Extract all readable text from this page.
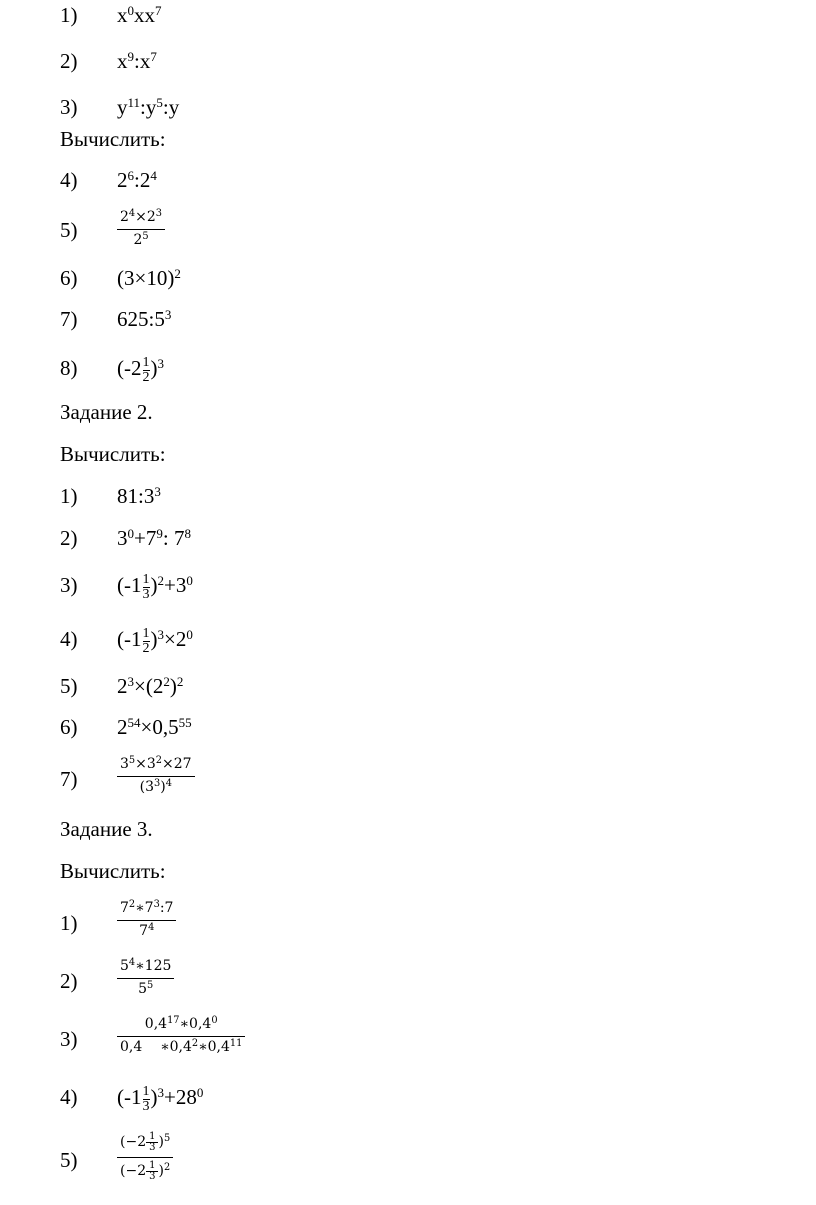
1) $x^0xx^7$
2) $x^9:x^7$
3) $y^{11}:y^5:y$
Вычислить:
4) $2^6:2^4$
5)	$\frac{2^4\times 2^3}{2^5}$
6) $(3\times 10)^2$
7) $625:5^3$
8) $(-2 \frac{1}{2} )^3$
Задание 2.
Вычислить:
1) $81:3^3$
2) $3^0+7^9$: $7^8$
3) $(-1 \frac{1}{3} )^2+3^0$
4) $(-1 \frac{1}{2} )^3\times 2^0$
5) $2^3\times(2^2)^2$
6) $2^{54}\times 0,5^{55}$
7)	$\frac{3^5\times 3^2\times 27}{(3^3)^4}$
Задание 3.
Вычислить:
1)	$\frac{7^2∗7^3:7}{7^4}$
2)	$\frac{5^4∗125}{5^5}$
3)	$\frac{0,4^{17}∗0,4^0}{0,4 ∗0,4^2∗0,4^{11}}$
4) $(-1 \frac{1}{3} )^3+28^0$
5)	$\frac{(-2 \frac{1}{3} )^5}{(-2 \frac{1}{3} )^2}$
